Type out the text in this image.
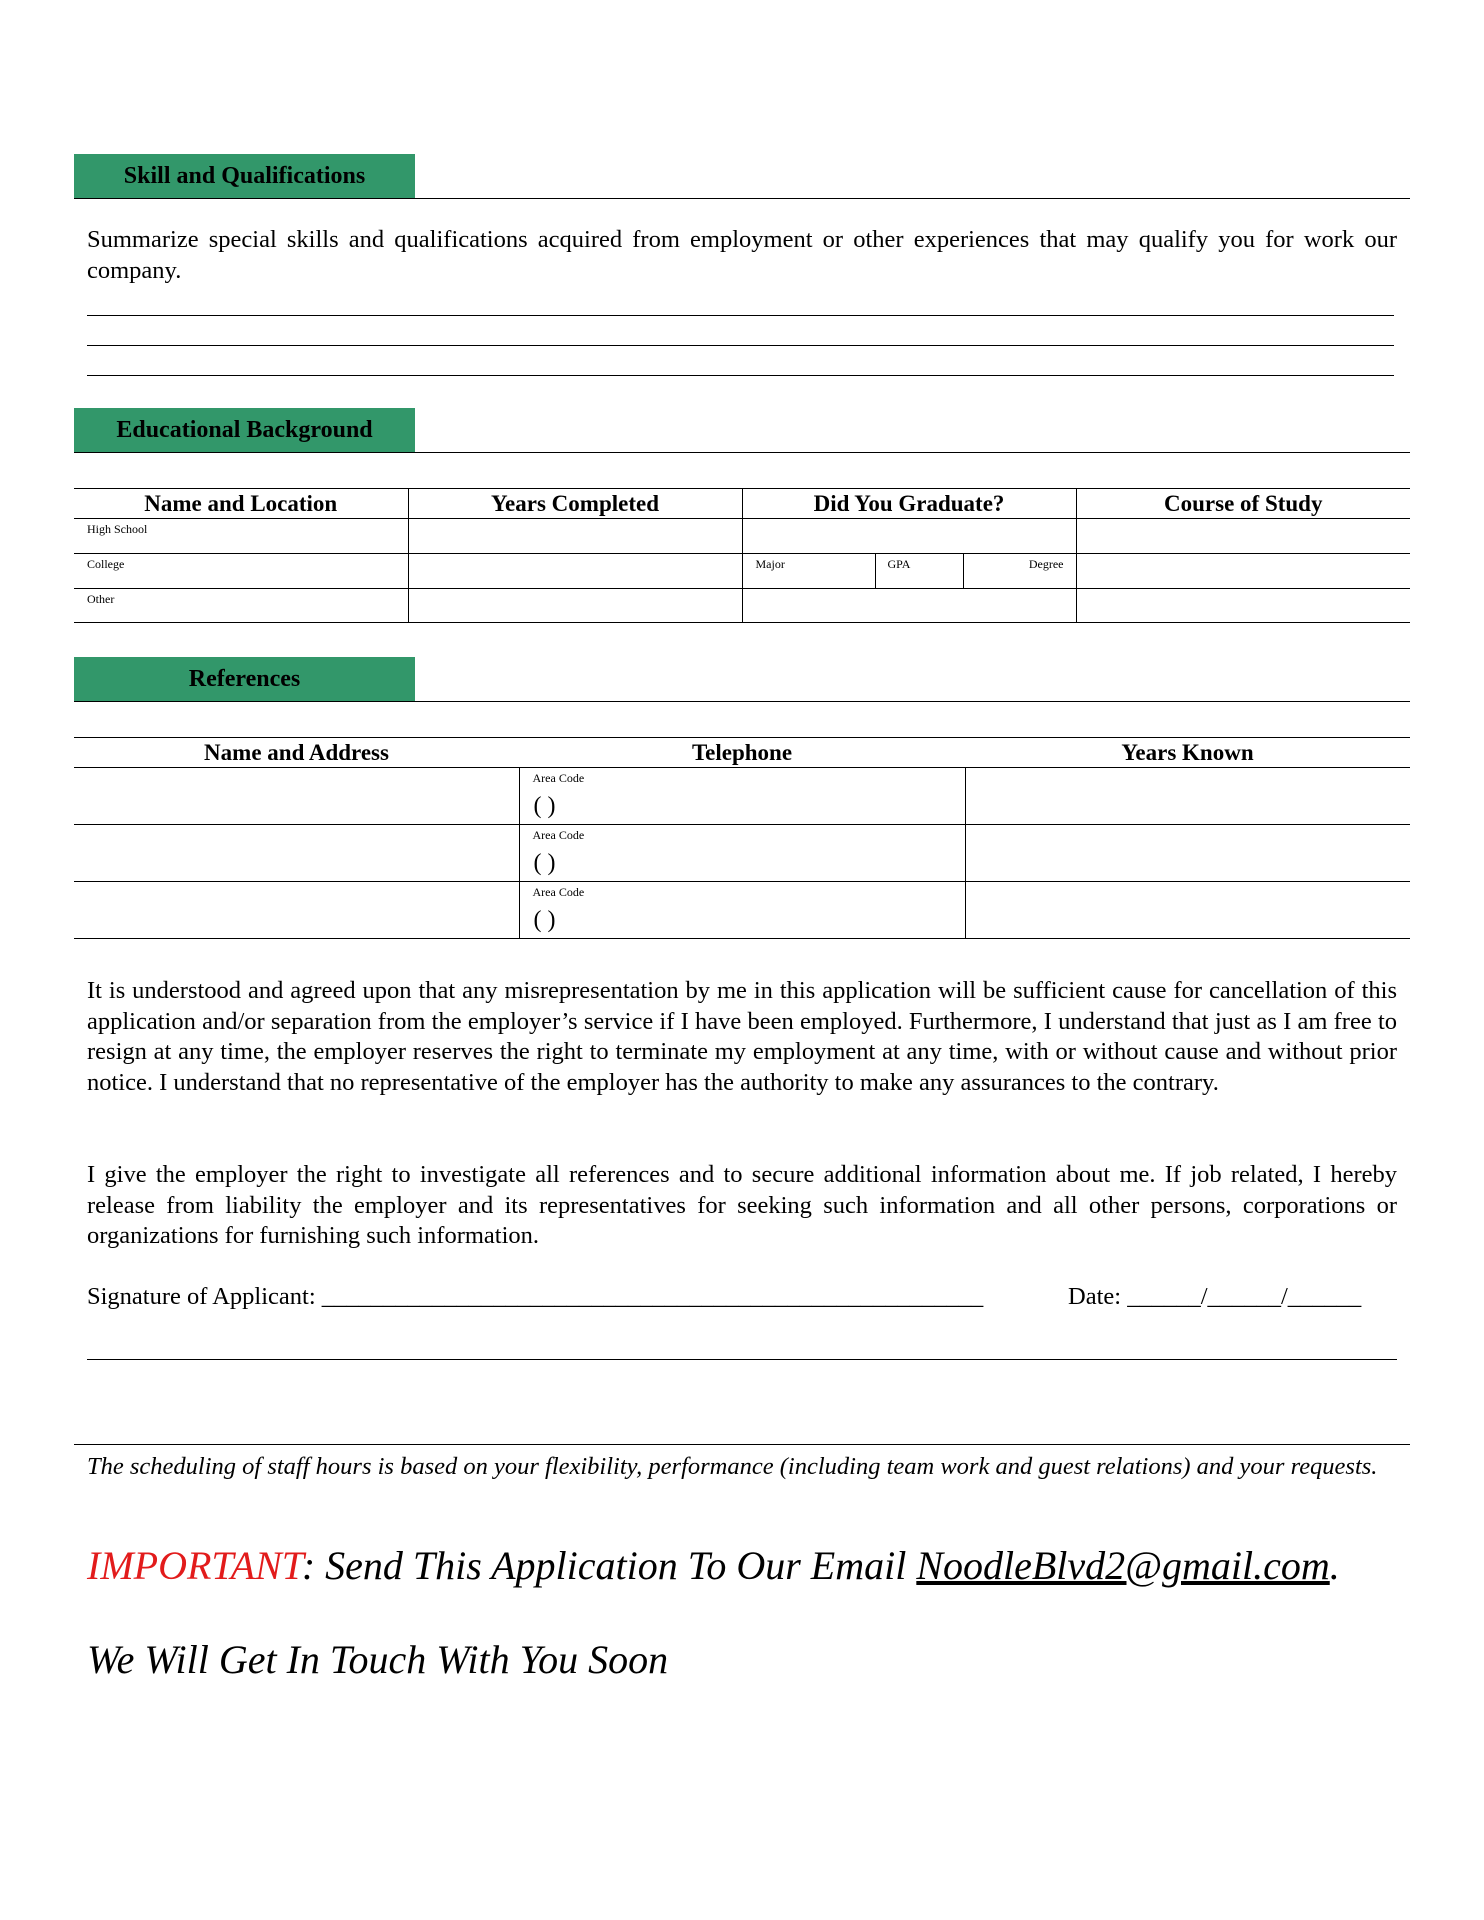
Skill and Qualifications
Summarize special skills and qualifications acquired from employment or other experiences that may qualify you for work our company.
Educational Background
Name and Location	Years Completed	Did You Graduate?	Course of Study

High School			

College		Major GPA Degree	

Other			

References
Name and Address	Telephone	Years Known

	Area Code
( )	

	Area Code
( )	

	Area Code
( )	

It is understood and agreed upon that any misrepresentation by me in this application will be sufficient cause for cancellation of this application and/or separation from the employer’s service if I have been employed. Furthermore, I understand that just as I am free to resign at any time, the employer reserves the right to terminate my employment at any time, with or without cause and without prior notice. I understand that no representative of the employer has the authority to make any assurances to the contrary.
I give the employer the right to investigate all references and to secure additional information about me. If job related, I hereby release from liability the employer and its representatives for seeking such information and all other persons, corporations or organizations for furnishing such information.
Signature of Applicant: ______________________________________________________	Date: ______/______/______
The scheduling of staff hours is based on your flexibility, performance (including team work and guest relations) and your requests.
IMPORTANT: Send This Application To Our Email NoodleBlvd2@gmail.com.
We Will Get In Touch With You Soon
